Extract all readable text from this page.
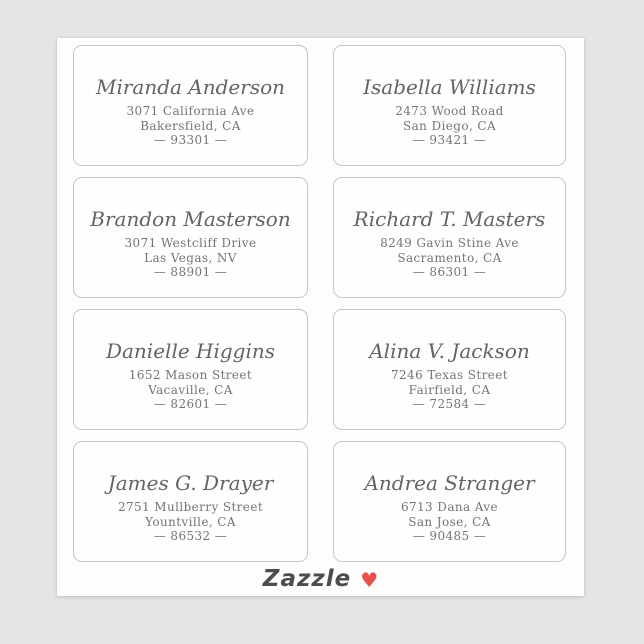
Miranda Anderson
3071 California Ave
Bakersfield, CA
— 93301 —
Isabella Williams
2473 Wood Road
San Diego, CA
— 93421 —
Brandon Masterson
3071 Westcliff Drive
Las Vegas, NV
— 88901 —
Richard T. Masters
8249 Gavin Stine Ave
Sacramento, CA
— 86301 —
Danielle Higgins
1652 Mason Street
Vacaville, CA
— 82601 —
Alina V. Jackson
7246 Texas Street
Fairfield, CA
— 72584 —
James G. Drayer
2751 Mullberry Street
Yountville, CA
— 86532 —
Andrea Stranger
6713 Dana Ave
San Jose, CA
— 90485 —
Zazzle ♥
